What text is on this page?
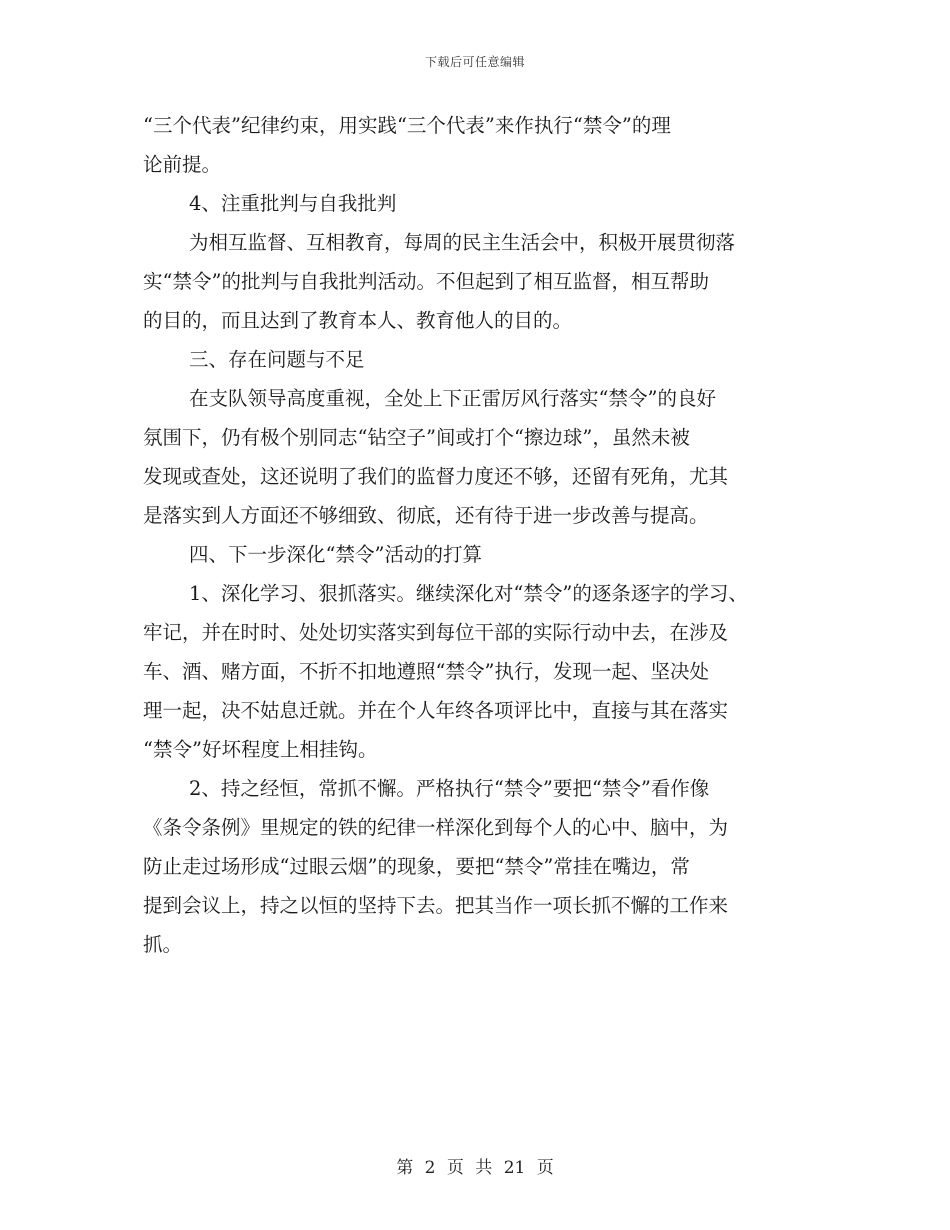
下载后可任意编辑
“三个代表”纪律约束，用实践“三个代表”来作执行“禁令”的理
论前提。
4、注重批判与自我批判
为相互监督、互相教育，每周的民主生活会中，积极开展贯彻落
实“禁令”的批判与自我批判活动。不但起到了相互监督，相互帮助
的目的，而且达到了教育本人、教育他人的目的。
三、存在问题与不足
在支队领导高度重视，全处上下正雷厉风行落实“禁令”的良好
氛围下，仍有极个别同志“钻空子”间或打个“擦边球”，虽然未被
发现或查处，这还说明了我们的监督力度还不够，还留有死角，尤其
是落实到人方面还不够细致、彻底，还有待于进一步改善与提高。
四、下一步深化“禁令”活动的打算
1、深化学习、狠抓落实。继续深化对“禁令”的逐条逐字的学习、
牢记，并在时时、处处切实落实到每位干部的实际行动中去，在涉及
车、酒、赌方面，不折不扣地遵照“禁令”执行，发现一起、坚决处
理一起，决不姑息迁就。并在个人年终各项评比中，直接与其在落实
“禁令”好坏程度上相挂钩。
2、持之经恒，常抓不懈。严格执行“禁令”要把“禁令”看作像
《条令条例》里规定的铁的纪律一样深化到每个人的心中、脑中，为
防止走过场形成“过眼云烟”的现象，要把“禁令”常挂在嘴边，常
提到会议上，持之以恒的坚持下去。把其当作一项长抓不懈的工作来
抓。
第 2 页 共 21 页
